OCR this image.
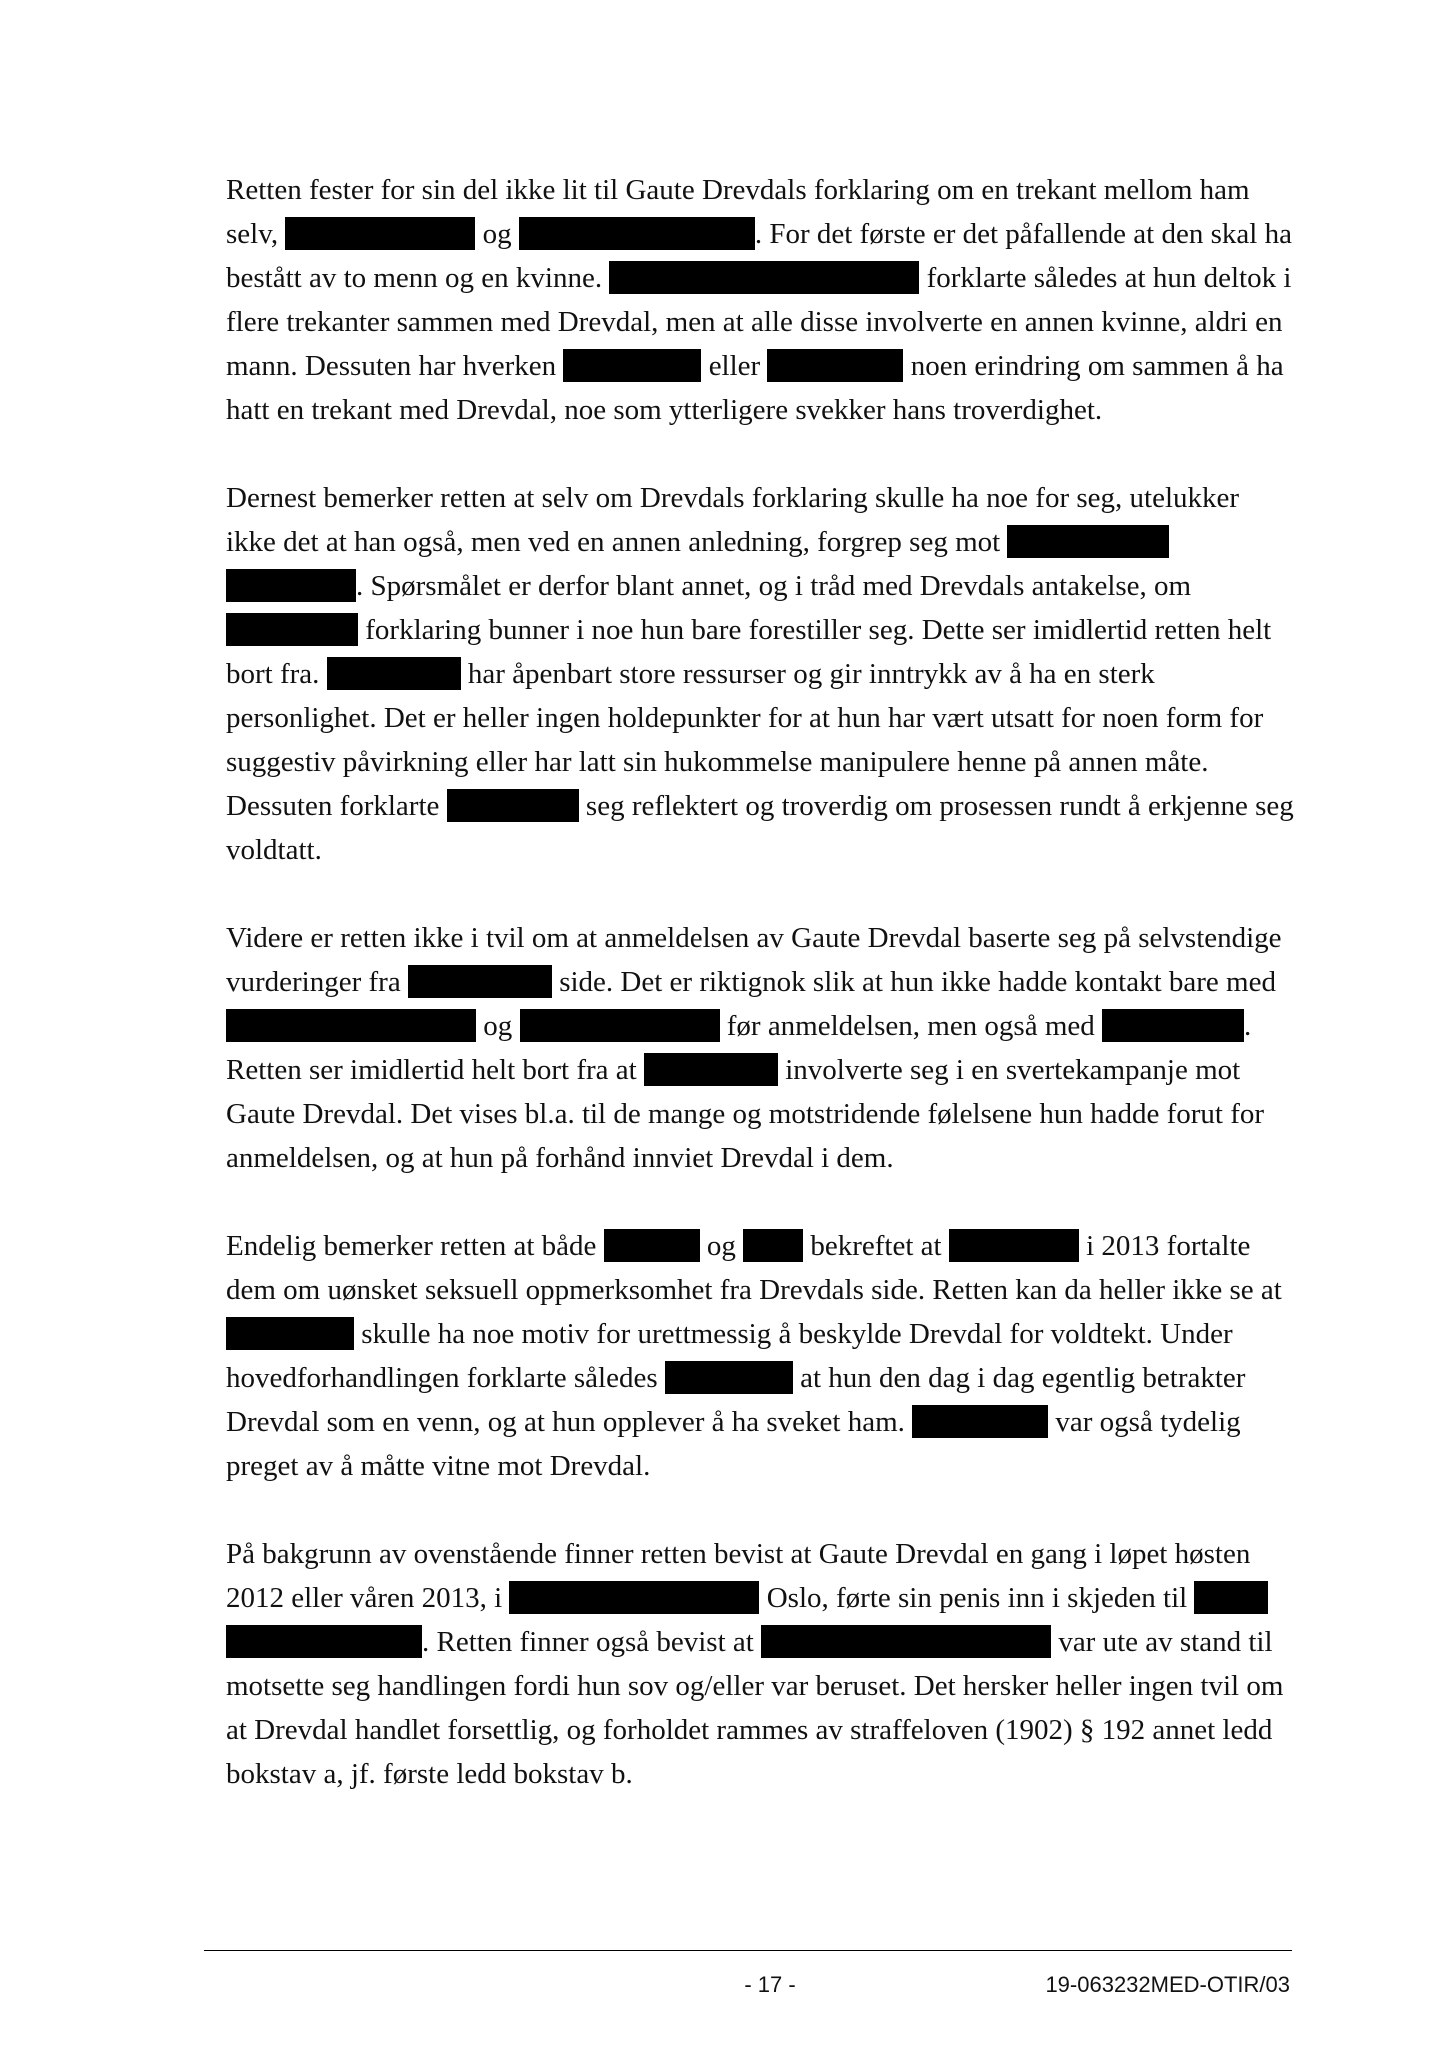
Retten fester for sin del ikke lit til Gaute Drevdals forklaring om en trekant mellom ham selv,	og	. For det første er det påfallende at den skal ha bestått av to menn og en kvinne.	forklarte således at hun deltok i flere trekanter sammen med Drevdal, men at alle disse involverte en annen kvinne, aldri en mann. Dessuten har hverken	eller	noen erindring om sammen å ha hatt en trekant med Drevdal, noe som ytterligere svekker hans troverdighet.

Dernest bemerker retten at selv om Drevdals forklaring skulle ha noe for seg, utelukker ikke det at han også, men ved en annen anledning, forgrep seg mot  . Spørsmålet er derfor blant annet, og i tråd med Drevdals antakelse, om  forklaring bunner i noe hun bare forestiller seg. Dette ser imidlertid retten helt bort fra.	har åpenbart store ressurser og gir inntrykk av å ha en sterk personlighet. Det er heller ingen holdepunkter for at hun har vært utsatt for noen form for suggestiv påvirkning eller har latt sin hukommelse manipulere henne på annen måte. Dessuten forklarte	seg reflektert og troverdig om prosessen rundt å erkjenne seg voldtatt.

Videre er retten ikke i tvil om at anmeldelsen av Gaute Drevdal baserte seg på selvstendige vurderinger fra	side. Det er riktignok slik at hun ikke hadde kontakt bare med  og	før anmeldelsen, men også med	. Retten ser imidlertid helt bort fra at	involverte seg i en svertekampanje mot Gaute Drevdal. Det vises bl.a. til de mange og motstridende følelsene hun hadde forut for anmeldelsen, og at hun på forhånd innviet Drevdal i dem.

Endelig bemerker retten at både	og	bekreftet at	i 2013 fortalte dem om uønsket seksuell oppmerksomhet fra Drevdals side. Retten kan da heller ikke se at  skulle ha noe motiv for urettmessig å beskylde Drevdal for voldtekt. Under hovedforhandlingen forklarte således	at hun den dag i dag egentlig betrakter Drevdal som en venn, og at hun opplever å ha sveket ham.	var også tydelig preget av å måtte vitne mot Drevdal.

På bakgrunn av ovenstående finner retten bevist at Gaute Drevdal en gang i løpet høsten 2012 eller våren 2013, i	Oslo, førte sin penis inn i skjeden til  . Retten finner også bevist at	var ute av stand til motsette seg handlingen fordi hun sov og/eller var beruset. Det hersker heller ingen tvil om at Drevdal handlet forsettlig, og forholdet rammes av straffeloven (1902) § 192 annet ledd bokstav a, jf. første ledd bokstav b.

- 17 -	19-063232MED-OTIR/03
